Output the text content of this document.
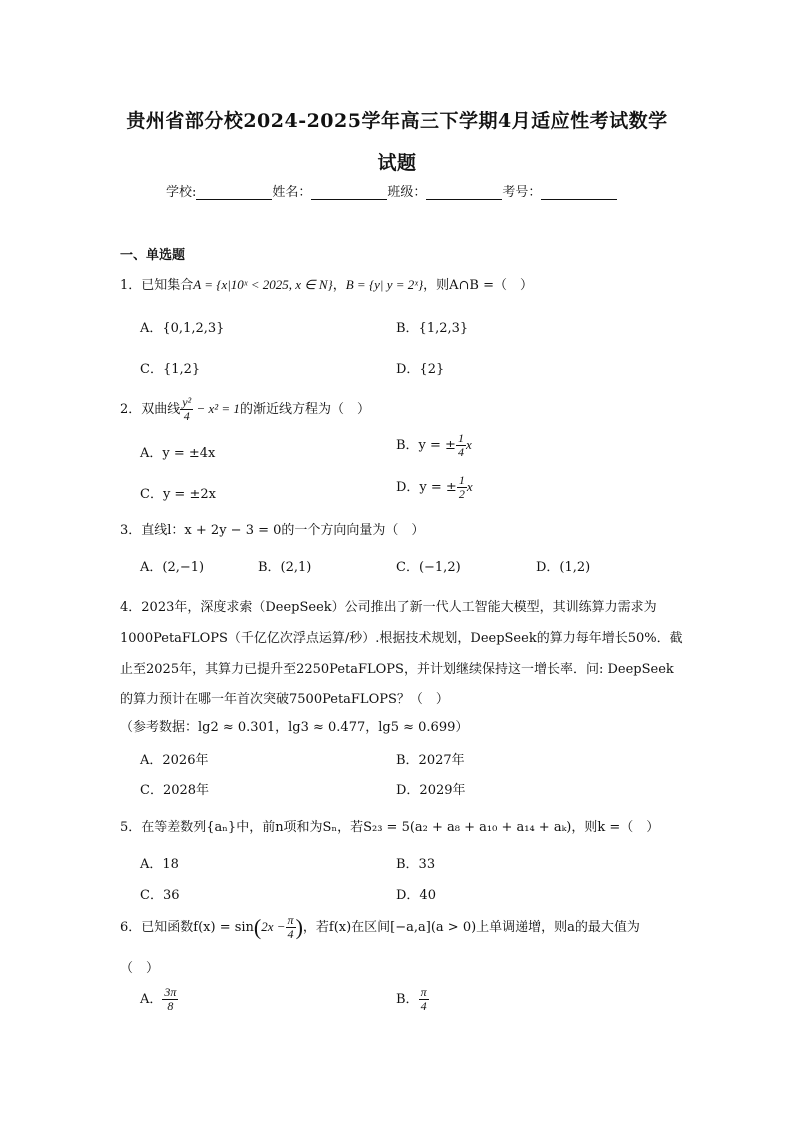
贵州省部分校2024-2025学年高三下学期4月适应性考试数学
试题
学校:	姓名：	班级：	考号：
一、单选题
1．已知集合A = {x|10ˣ < 2025, x ∈ N}，B = {y| y = 2ˣ}，则A∩B =（　）
A．{0,1,2,3}	B．{1,2,3}
C．{1,2}	D．{2}
2．双曲线 $\frac{\text{y²}}{4} - x^2 = 1$的渐近线方程为（　）
A．y = ±4x
B．y = ± $\frac{1}{4}$ x
C．y = ±2x	D．y = ± $\frac{1}{2}$ x
3．直线l：x + 2y − 3 = 0的一个方向向量为（　）
A．(2,−1)	B．(2,1)	C．(−1,2)	D．(1,2)
4．2023年，深度求索（DeepSeek）公司推出了新一代人工智能大模型，其训练算力需求为
1000PetaFLOPS（千亿亿次浮点运算/秒）.根据技术规划，DeepSeek的算力每年增长50%．截
止至2025年，其算力已提升至2250PetaFLOPS，并计划继续保持这一增长率．问: DeepSeek
的算力预计在哪一年首次突破7500PetaFLOPS？（　）
（参考数据：lg2 ≈ 0.301，lg3 ≈ 0.477，lg5 ≈ 0.699）
A．2026年	B．2027年
C．2028年	D．2029年
5．在等差数列{aₙ}中，前n项和为Sₙ，若S₂₃ = 5(a₂ + a₈ + a₁₀ + a₁₄ + aₖ)，则k =（　）
A．18	B．33
C．36	D．40
6．已知函数$f(x) = \sin(2x - \frac{\pi}{4}$ )，若f(x)在区间[−a,a](a > 0)上单调递增，则a的最大值为
（　）
A． $\frac{3\pi}{8}$	B． $\frac{\pi}{4}$
